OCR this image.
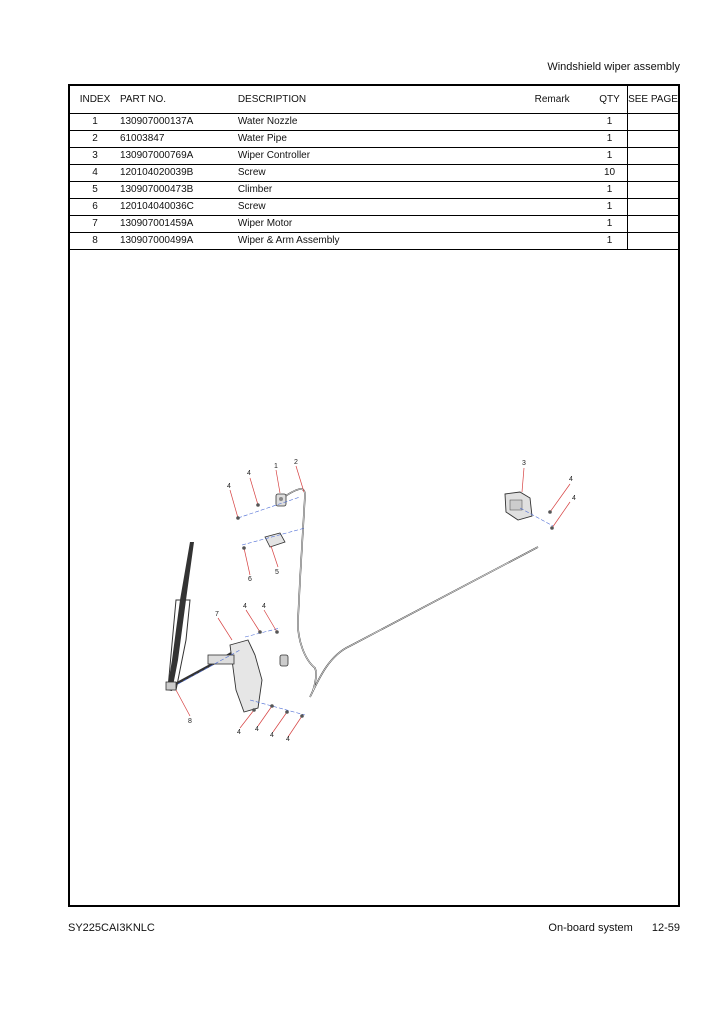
Windshield wiper assembly
INDEX	PART NO.	DESCRIPTION	Remark	QTY	SEE PAGE
1	130907000137A	Water Nozzle		1	
2	61003847	Water Pipe		1	
3	130907000769A	Wiper Controller		1	
4	120104020039B	Screw		10	
5	130907000473B	Climber		1	
6	120104040036C	Screw		1	
7	130907001459A	Wiper Motor		1	
8	130907000499A	Wiper & Arm Assembly		1	
1
2	3
4
4
4
4
4 4
4 4
4
4
5
6
7
8
SY225CAI3KNLC	On-board system 12-59
